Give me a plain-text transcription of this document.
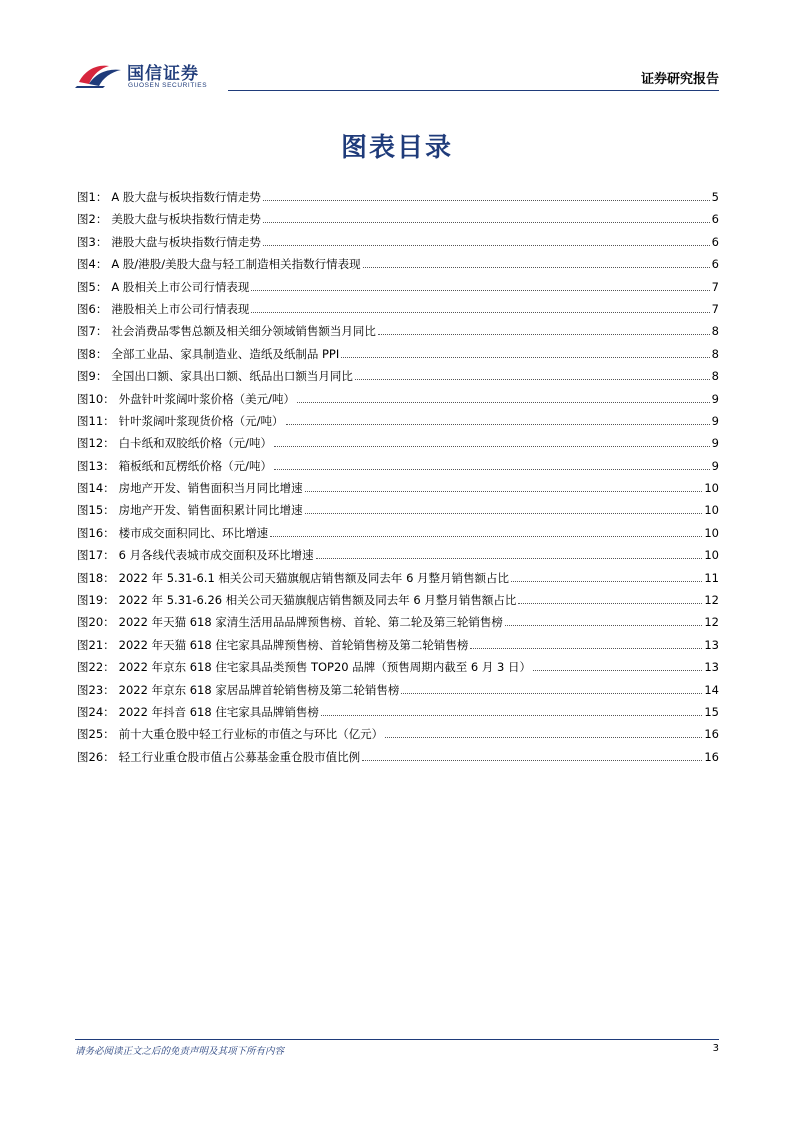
国信证券
GUOSEN SECURITIES	证券研究报告
图表目录
图1： A 股大盘与板块指数行情走势	5
图2： 美股大盘与板块指数行情走势	6
图3： 港股大盘与板块指数行情走势	6
图4： A 股/港股/美股大盘与轻工制造相关指数行情表现	6
图5： A 股相关上市公司行情表现	7
图6： 港股相关上市公司行情表现	7
图7： 社会消费品零售总额及相关细分领域销售额当月同比	8
图8： 全部工业品、家具制造业、造纸及纸制品 PPI	8
图9： 全国出口额、家具出口额、纸品出口额当月同比	8
图10： 外盘针叶浆阔叶浆价格（美元/吨）	9
图11： 针叶浆阔叶浆现货价格（元/吨）	9
图12： 白卡纸和双胶纸价格（元/吨）	9
图13： 箱板纸和瓦楞纸价格（元/吨）	9
图14： 房地产开发、销售面积当月同比增速	10
图15： 房地产开发、销售面积累计同比增速	10
图16： 楼市成交面积同比、环比增速	10
图17： 6 月各线代表城市成交面积及环比增速	10
图18： 2022 年 5.31-6.1 相关公司天猫旗舰店销售额及同去年 6 月整月销售额占比	11
图19： 2022 年 5.31-6.26 相关公司天猫旗舰店销售额及同去年 6 月整月销售额占比	12
图20： 2022 年天猫 618 家清生活用品品牌预售榜、首轮、第二轮及第三轮销售榜	12
图21： 2022 年天猫 618 住宅家具品牌预售榜、首轮销售榜及第二轮销售榜	13
图22： 2022 年京东 618 住宅家具品类预售 TOP20 品牌（预售周期内截至 6 月 3 日）	13
图23： 2022 年京东 618 家居品牌首轮销售榜及第二轮销售榜	14
图24： 2022 年抖音 618 住宅家具品牌销售榜	15
图25： 前十大重仓股中轻工行业标的市值之与环比（亿元）	16
图26： 轻工行业重仓股市值占公募基金重仓股市值比例	16
请务必阅读正文之后的免责声明及其项下所有内容	3
